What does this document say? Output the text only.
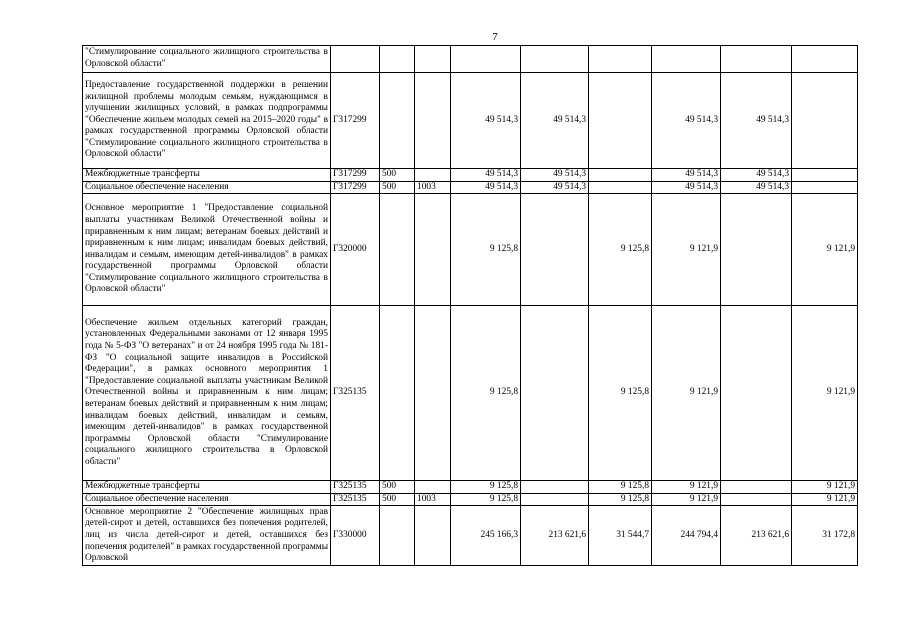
7
"Стимулирование социального жилищного строительства в Орловской области"									
Предоставление государственной поддержки в решении жилищной проблемы молодым семьям, нуждающимся в улучшении жилищных условий, в рамках подпрограммы "Обеспечение жильем молодых семей на 2015–2020 годы" в рамках государственной программы Орловской области "Стимулирование социального жилищного строительства в Орловской области"	Г317299			49 514,3	49 514,3		49 514,3	49 514,3	
Межбюджетные трансферты	Г317299	500		49 514,3	49 514,3		49 514,3	49 514,3	
Социальное обеспечение населения	Г317299	500	1003	49 514,3	49 514,3		49 514,3	49 514,3	
Основное мероприятие 1 "Предоставление социальной выплаты участникам Великой Отечественной войны и приравненным к ним лицам; ветеранам боевых действий и приравненным к ним лицам; инвалидам боевых действий, инвалидам и семьям, имеющим детей-инвалидов" в рамках государственной программы Орловской области "Стимулирование социального жилищного строительства в Орловской области"	Г320000			9 125,8		9 125,8	9 121,9		9 121,9
Обеспечение жильем отдельных категорий граждан, установленных Федеральными законами от 12 января 1995 года № 5-ФЗ "О ветеранах" и от 24 ноября 1995 года № 181-ФЗ "О социальной защите инвалидов в Российской Федерации", в рамках основного мероприятия 1 "Предоставление социальной выплаты участникам Великой Отечественной войны и приравненным к ним лицам; ветеранам боевых действий и приравненным к ним лицам; инвалидам боевых действий, инвалидам и семьям, имеющим детей-инвалидов" в рамках государственной программы Орловской области "Стимулирование социального жилищного строительства в Орловской области"	Г325135			9 125,8		9 125,8	9 121,9		9 121,9
Межбюджетные трансферты	Г325135	500		9 125,8		9 125,8	9 121,9		9 121,9
Социальное обеспечение населения	Г325135	500	1003	9 125,8		9 125,8	9 121,9		9 121,9
Основное мероприятие 2 "Обеспечение жилищных прав детей-сирот и детей, оставшихся без попечения родителей, лиц из числа детей-сирот и детей, оставшихся без попечения родителей" в рамках государственной программы Орловской	Г330000			245 166,3	213 621,6	31 544,7	244 794,4	213 621,6	31 172,8
